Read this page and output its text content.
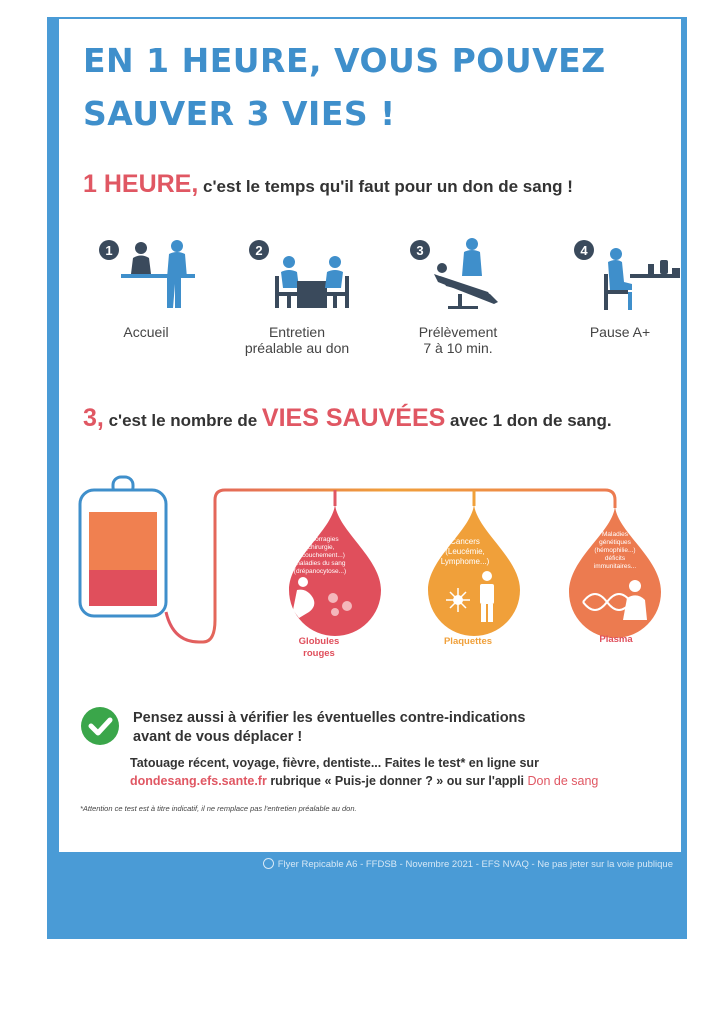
Flyer Repicable A6 - FFDSB - Novembre 2021 - EFS NVAQ - Ne pas jeter sur la voie publique
EN 1 HEURE, VOUS POUVEZ
SAUVER 3 VIES !
1 HEURE, c'est le temps qu'il faut pour un don de sang !
1
Accueil
2
Entretien
préalable au don
3
Prélèvement
7 à 10 min.
4
Pause A+
3, c'est le nombre de VIES SAUVÉES avec 1 don de sang.
Hémorragies
(chirurgie,
accouchement...)
maladies du sang
(drépanocytose...)
Cancers
(Leucémie,
Lymphome...)
Maladies
génétiques
(hémophilie...)
déficits
immunitaires...
Globules
rouges
Plaquettes	Plasma
Pensez aussi à vérifier les éventuelles contre-indications
avant de vous déplacer !
Tatouage récent, voyage, fièvre, dentiste... Faites le test* en ligne sur
dondesang.efs.sante.fr rubrique « Puis-je donner ? » ou sur l'appli Don de sang
*Attention ce test est à titre indicatif, il ne remplace pas l'entretien préalable au don.
